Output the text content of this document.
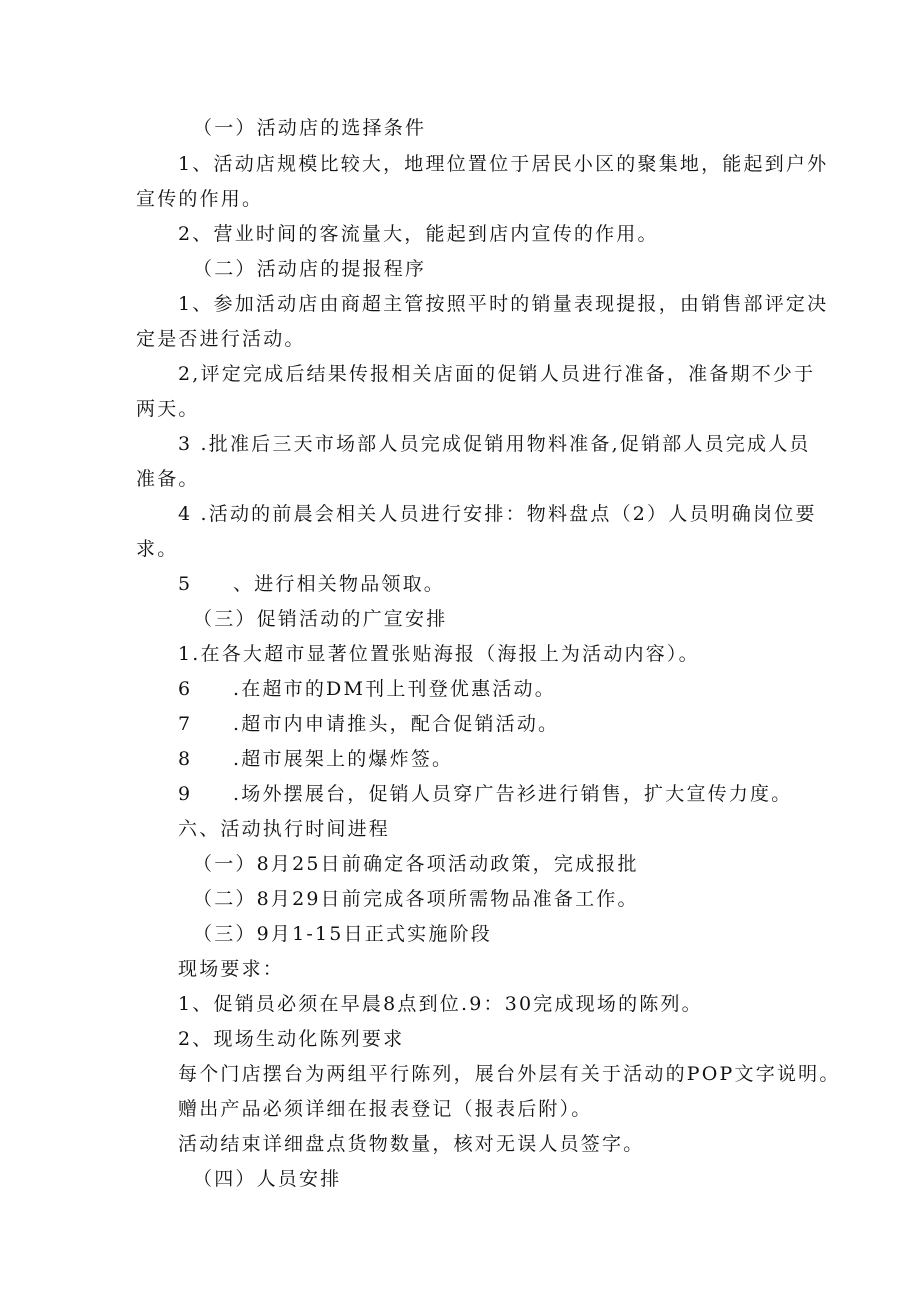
（一）活动店的选择条件
1、活动店规模比较大，地理位置位于居民小区的聚集地，能起到户外
宣传的作用。
2、营业时间的客流量大，能起到店内宣传的作用。
（二）活动店的提报程序
1、参加活动店由商超主管按照平时的销量表现提报，由销售部评定决
定是否进行活动。
2,评定完成后结果传报相关店面的促销人员进行准备，准备期不少于
两天。
3 .批准后三天市场部人员完成促销用物料准备,促销部人员完成人员
准备。
4 .活动的前晨会相关人员进行安排：物料盘点（2）人员明确岗位要
求。
5 、进行相关物品领取。
（三）促销活动的广宣安排
1.在各大超市显著位置张贴海报（海报上为活动内容）。
6 .在超市的DM刊上刊登优惠活动。
7 .超市内申请推头，配合促销活动。
8 .超市展架上的爆炸签。
9 .场外摆展台，促销人员穿广告衫进行销售，扩大宣传力度。
六、活动执行时间进程
（一）8月25日前确定各项活动政策，完成报批
（二）8月29日前完成各项所需物品准备工作。
（三）9月1-15日正式实施阶段
现场要求：
1、促销员必须在早晨8点到位.9：30完成现场的陈列。
2、现场生动化陈列要求
每个门店摆台为两组平行陈列，展台外层有关于活动的POP文字说明。
赠出产品必须详细在报表登记（报表后附）。
活动结束详细盘点货物数量，核对无误人员签字。
（四）人员安排
